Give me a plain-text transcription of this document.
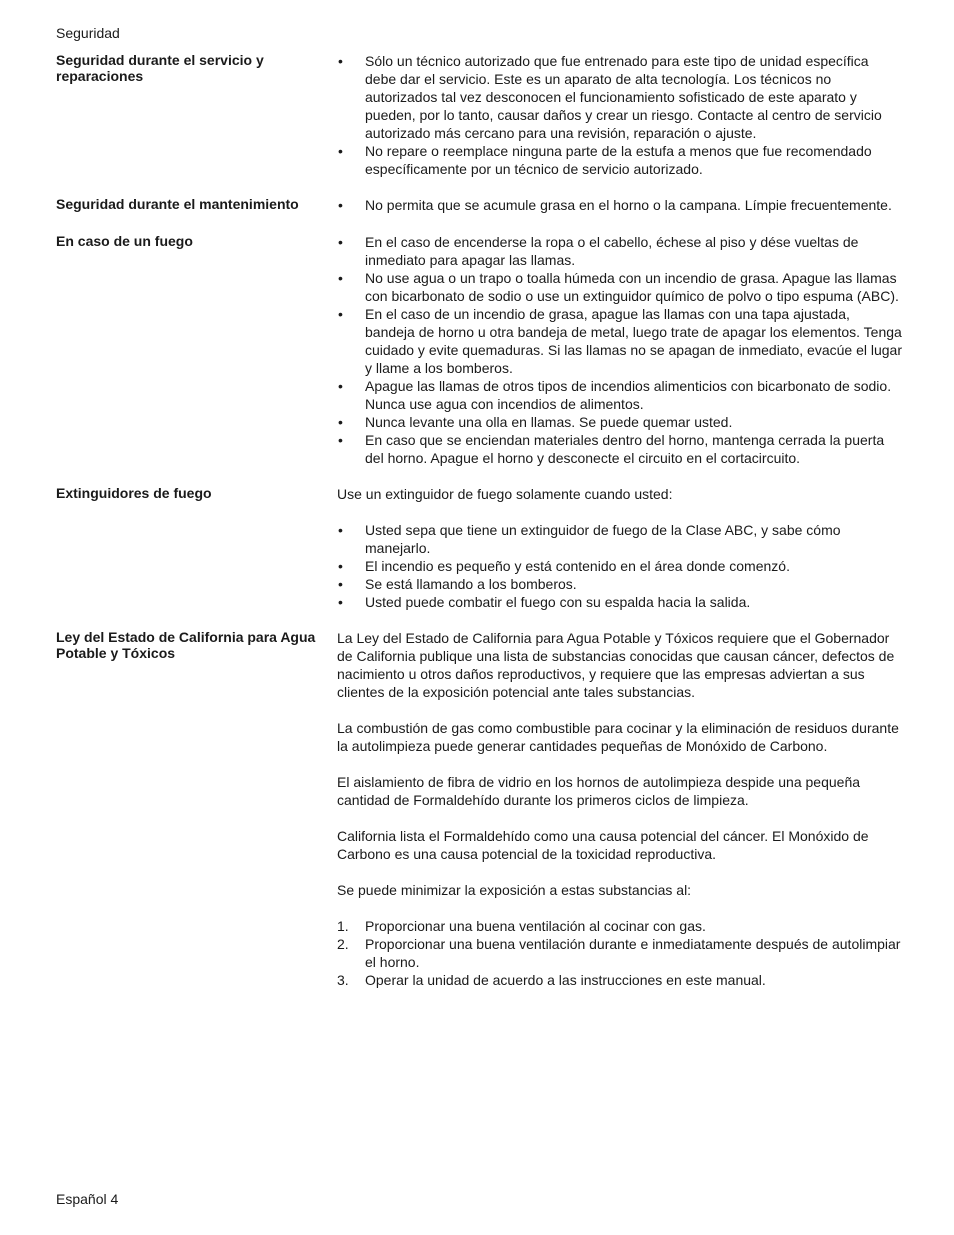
Seguridad
Seguridad durante el servicio y reparaciones
• Sólo un técnico autorizado que fue entrenado para este tipo de unidad específica debe dar el servicio. Este es un aparato de alta tecnología. Los técnicos no autorizados tal vez desconocen el funcionamiento sofisticado de este aparato y pueden, por lo tanto, causar daños y crear un riesgo. Contacte al centro de servicio autorizado más cercano para una revisión, reparación o ajuste.
• No repare o reemplace ninguna parte de la estufa a menos que fue recomendado específicamente por un técnico de servicio autorizado.
Seguridad durante el mantenimiento	• No permita que se acumule grasa en el horno o la campana. Límpie frecuentemente.
En caso de un fuego	• En el caso de encenderse la ropa o el cabello, échese al piso y dése vueltas de inmediato para apagar las llamas.
• No use agua o un trapo o toalla húmeda con un incendio de grasa. Apague las llamas con bicarbonato de sodio o use un extinguidor químico de polvo o tipo espuma (ABC).
• En el caso de un incendio de grasa, apague las llamas con una tapa ajustada, bandeja de horno u otra bandeja de metal, luego trate de apagar los elementos. Tenga cuidado y evite quemaduras. Si las llamas no se apagan de inmediato, evacúe el lugar y llame a los bomberos.
• Apague las llamas de otros tipos de incendios alimenticios con bicarbonato de sodio. Nunca use agua con incendios de alimentos.
• Nunca levante una olla en llamas. Se puede quemar usted.
• En caso que se enciendan materiales dentro del horno, mantenga cerrada la puerta del horno. Apague el horno y desconecte el circuito en el cortacircuito.
Extinguidores de fuego	Use un extinguidor de fuego solamente cuando usted:

• Usted sepa que tiene un extinguidor de fuego de la Clase ABC, y sabe cómo manejarlo.
• El incendio es pequeño y está contenido en el área donde comenzó.
• Se está llamando a los bomberos.
• Usted puede combatir el fuego con su espalda hacia la salida.
Ley del Estado de California para Agua Potable y Tóxicos

La Ley del Estado de California para Agua Potable y Tóxicos requiere que el Gobernador de California publique una lista de substancias conocidas que causan cáncer, defectos de nacimiento u otros daños reproductivos, y requiere que las empresas adviertan a sus clientes de la exposición potencial ante tales substancias.

La combustión de gas como combustible para cocinar y la eliminación de residuos durante la autolimpieza puede generar cantidades pequeñas de Monóxido de Carbono.

El aislamiento de fibra de vidrio en los hornos de autolimpieza despide una pequeña cantidad de Formaldehído durante los primeros ciclos de limpieza.

California lista el Formaldehído como una causa potencial del cáncer. El Monóxido de Carbono es una causa potencial de la toxicidad reproductiva.

Se puede minimizar la exposición a estas substancias al:

1. Proporcionar una buena ventilación al cocinar con gas.
2. Proporcionar una buena ventilación durante e inmediatamente después de autolimpiar el horno.
3. Operar la unidad de acuerdo a las instrucciones en este manual.
Español 4
